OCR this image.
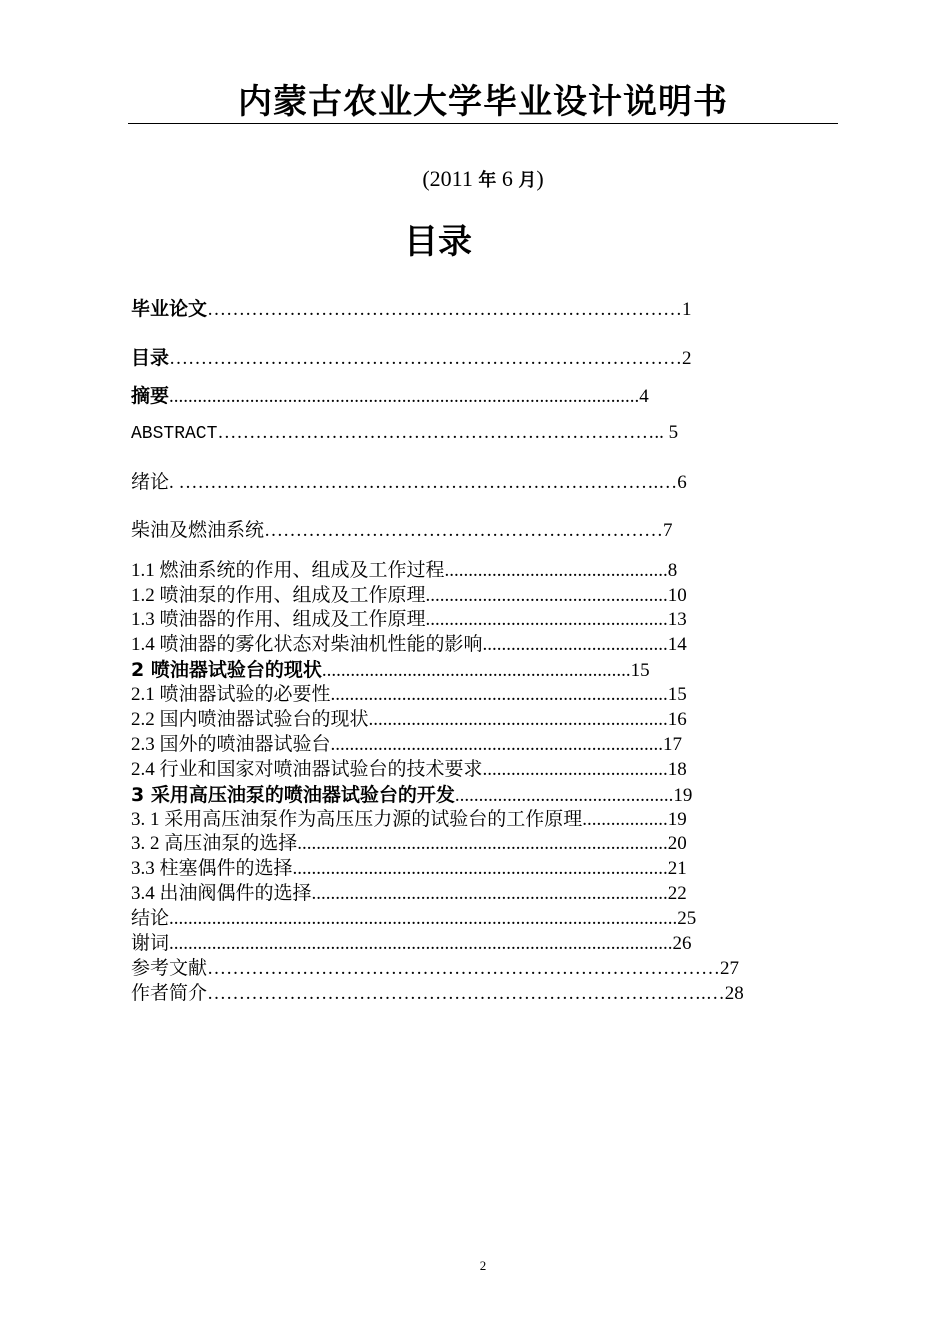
内蒙古农业大学毕业设计说明书
(2011 年 6 月)
目录
毕业论文…………………………………………………………………1
目录………………………………………………………………………2
摘要...................................................................................................4
ABSTRACT…………………………………………………………….. 5
绪论. ………………………………………………………………….…6
柴油及燃油系统………………………………………………………7
1.1 燃油系统的作用、组成及工作过程...............................................8
1.2 喷油泵的作用、组成及工作原理...................................................10
1.3 喷油器的作用、组成及工作原理...................................................13
1.4 喷油器的雾化状态对柴油机性能的影响.......................................14
2 喷油器试验台的现状.................................................................15
2.1 喷油器试验的必要性.......................................................................15
2.2 国内喷油器试验台的现状...............................................................16
2.3 国外的喷油器试验台......................................................................17
2.4 行业和国家对喷油器试验台的技术要求.......................................18
3 采用高压油泵的喷油器试验台的开发..............................................19
3. 1 采用高压油泵作为高压压力源的试验台的工作原理..................19
3. 2 高压油泵的选择..............................................................................20
3.3 柱塞偶件的选择...............................................................................21
3.4 出油阀偶件的选择...........................................................................22
结论...........................................................................................................25
谢词..........................................................................................................26
参考文献………………………………………………………………………27
作者简介…………………………………………………………………….…28
2
